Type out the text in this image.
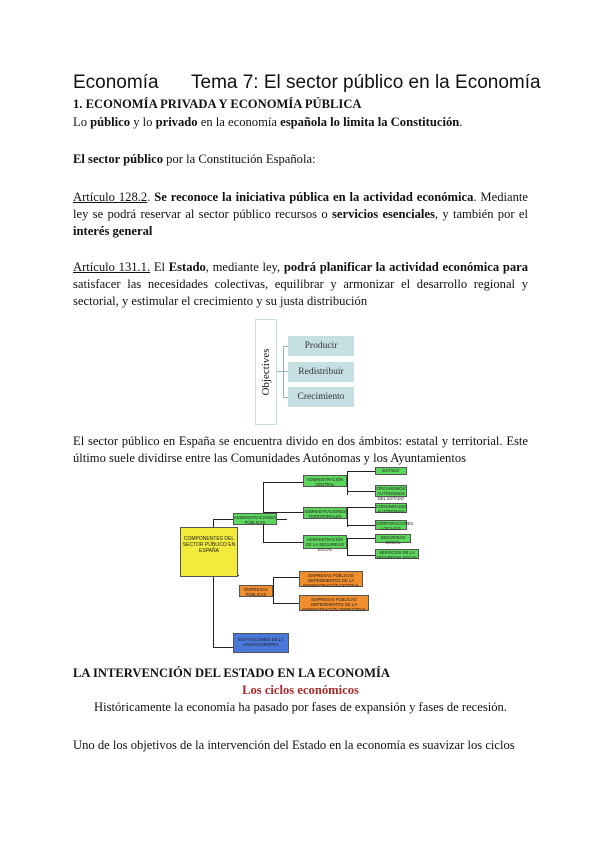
Economía Tema 7: El sector público en la Economía
1. ECONOMÍA PRIVADA Y ECONOMÍA PÚBLICA
Lo público y lo privado en la economía española lo limita la Constitución.
El sector público por la Constitución Española:
Artículo 128.2. Se reconoce la iniciativa pública en la actividad económica. Mediante ley se podrá reservar al sector público recursos o servicios esenciales, y también por el interés general
Artículo 131.1. El Estado, mediante ley, podrá planificar la actividad económica para satisfacer las necesidades colectivas, equilibrar y armonizar el desarrollo regional y sectorial, y estimular el crecimiento y su justa distribución
Objectives
Producir
Redistribuir
Crecimiento
El sector público en España se encuentra divido en dos ámbitos: estatal y territorial. Este último suele dividirse entre las Comunidades Autónomas y los Ayuntamientos
COMPONENTES DEL SECTOR PÚBLICO EN ESPAÑA
ADMINISTRACIONES PÚBLICAS
ADMINISTRACIÓN CENTRAL
ADMINISTRACIONES TERRITORIALES
ADMINISTRACIÓN DE LA SEGURIDAD SOCIAL
ESTADO
ORGANISMOS AUTÓNOMOS DEL ESTADO
COMUNIDADES AUTÓNOMAS
CORPORACIONES LOCALES
SEGURIDAD SOCIAL
SERVICIOS DE LA SEGURIDAD SOCIAL
EMPRESAS PÚBLICAS
EMPRESAS PÚBLICAS DEPENDIENTES DE LA ADMINISTRACIÓN CENTRAL
EMPRESAS PÚBLICAS DEPENDIENTES DE LA ADMINISTRACIÓN TERRITORIAL
INSTITUCIONES DE LA UNIÓN EUROPEA
LA INTERVENCIÓN DEL ESTADO EN LA ECONOMÍA
Los ciclos económicos
Históricamente la economía ha pasado por fases de expansión y fases de recesión.
Uno de los objetivos de la intervención del Estado en la economía es suavizar los ciclos
